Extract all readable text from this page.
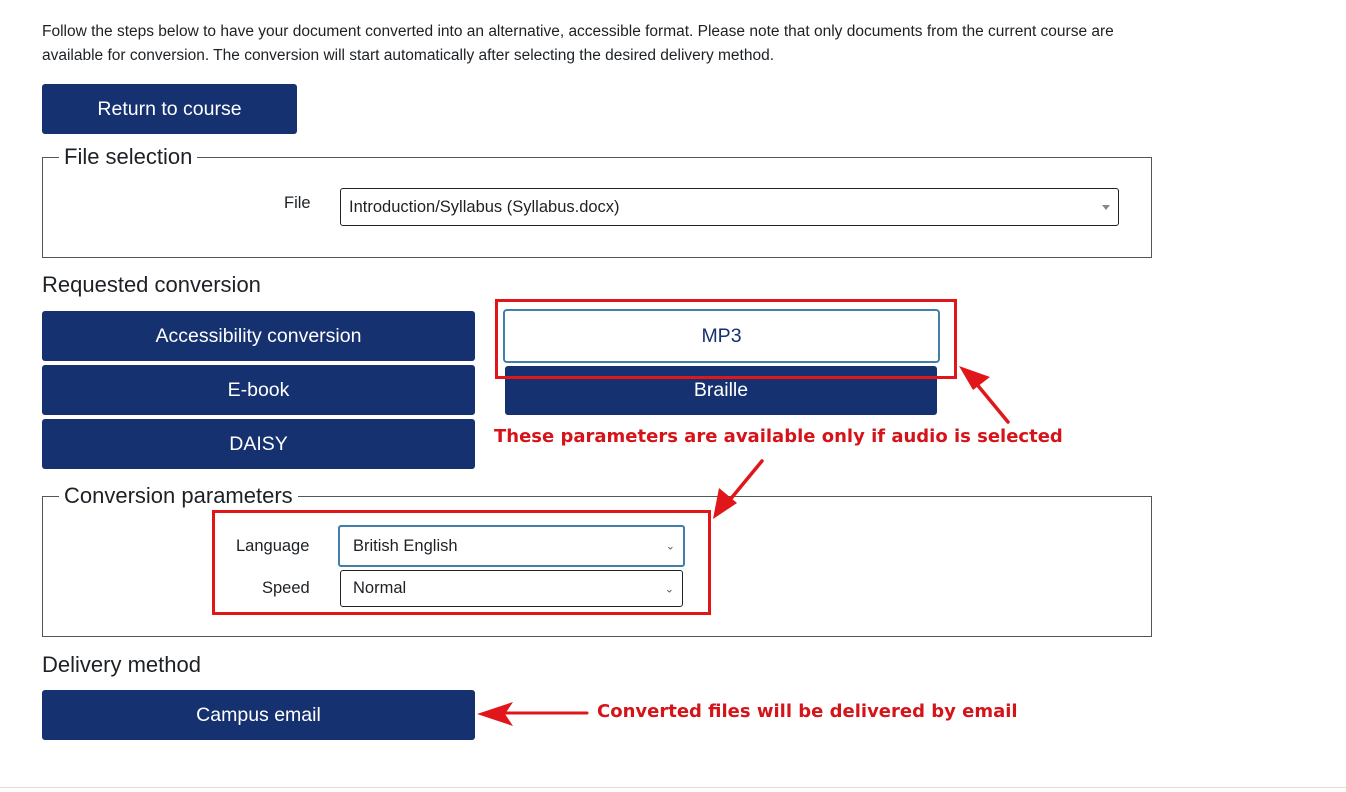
Follow the steps below to have your document converted into an alternative, accessible format. Please note that only documents from the current course are available for conversion. The conversion will start automatically after selecting the desired delivery method.
Return to course
File selection
File Introduction/Syllabus (Syllabus.docx)
Requested conversion
Accessibility conversion
E-book
DAISY
MP3
Braille
Conversion parameters
Language	British English	⌄
Speed	Normal	⌄
Delivery method
Campus email
These parameters are available only if audio is selected
Converted files will be delivered by email
